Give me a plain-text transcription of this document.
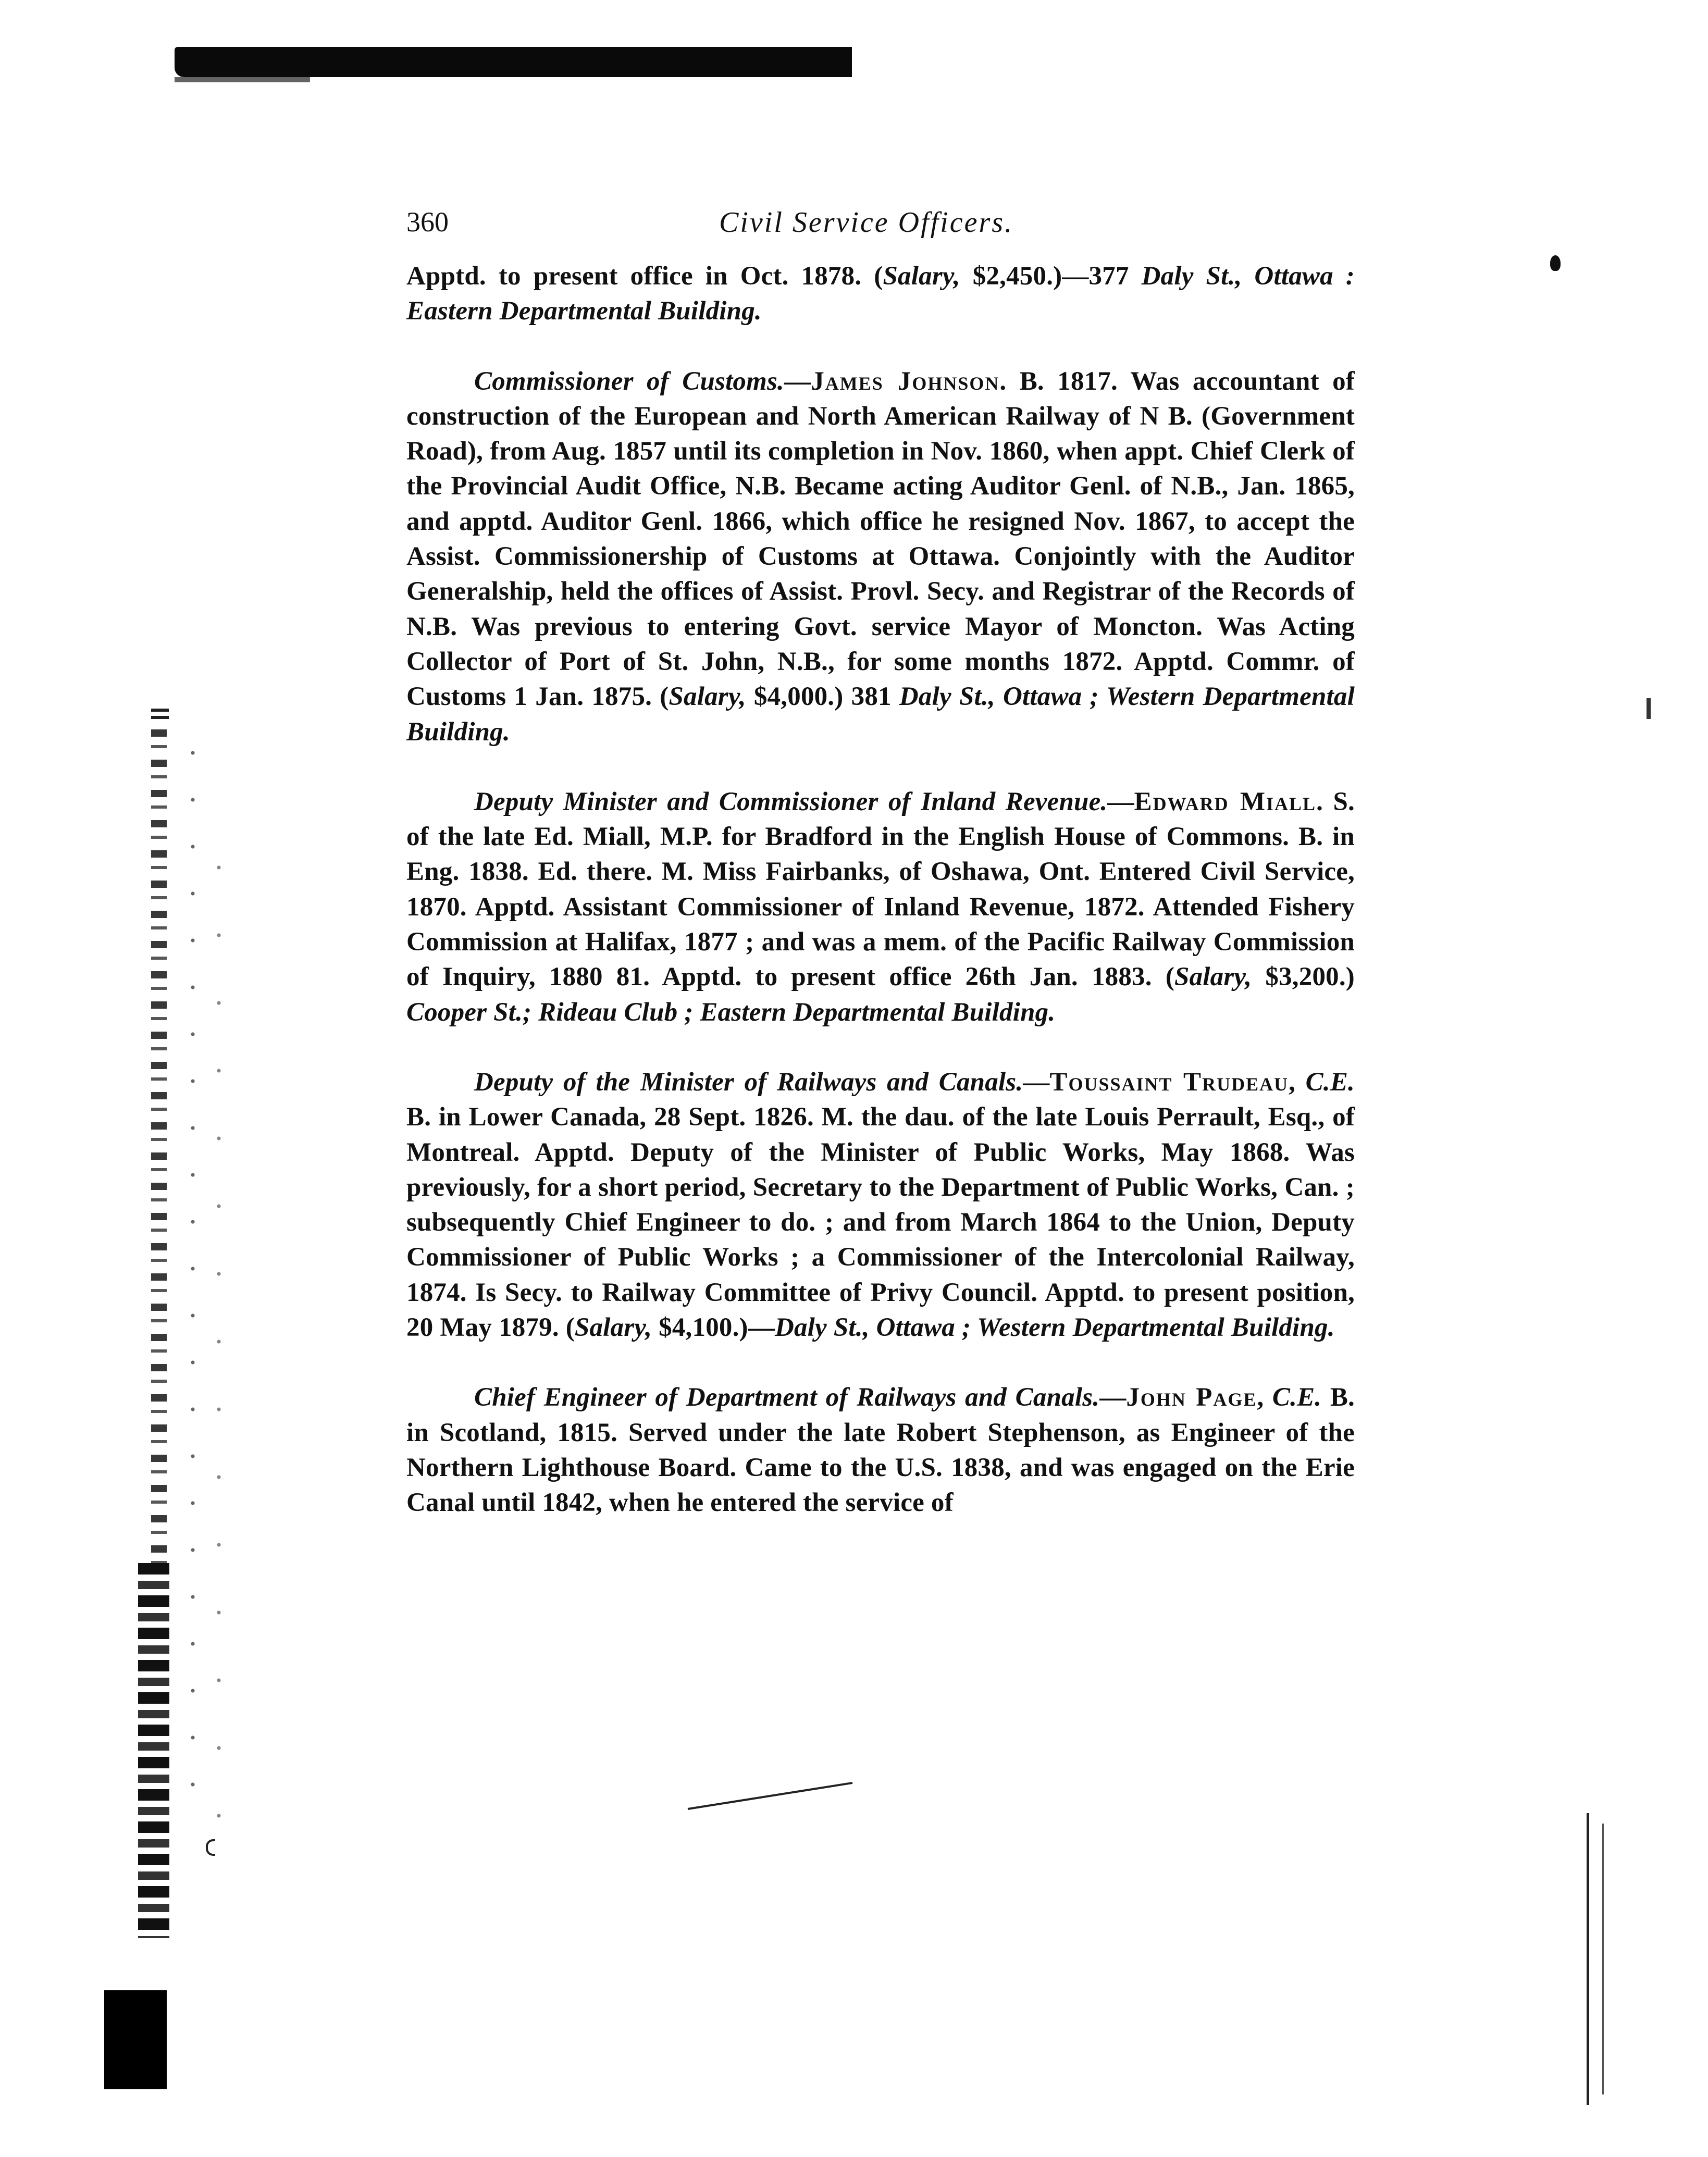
360	Civil Service Officers.

Apptd. to present office in Oct. 1878. (Salary, $2,450.)—377 Daly St., Ottawa : Eastern Departmental Building.

Commissioner of Customs.—James Johnson. B. 1817. Was accountant of construction of the European and North American Railway of N B. (Government Road), from Aug. 1857 until its completion in Nov. 1860, when appt. Chief Clerk of the Provincial Audit Office, N.B. Became acting Auditor Genl. of N.B., Jan. 1865, and apptd. Auditor Genl. 1866, which office he resigned Nov. 1867, to accept the Assist. Commissionership of Customs at Ottawa. Conjointly with the Auditor Generalship, held the offices of Assist. Provl. Secy. and Registrar of the Records of N.B. Was previous to entering Govt. service Mayor of Moncton. Was Acting Collector of Port of St. John, N.B., for some months 1872. Apptd. Commr. of Customs 1 Jan. 1875. (Salary, $4,000.) 381 Daly St., Ottawa ; Western Departmental Building.

Deputy Minister and Commissioner of Inland Revenue.—Edward Miall. S. of the late Ed. Miall, M.P. for Bradford in the English House of Commons. B. in Eng. 1838. Ed. there. M. Miss Fairbanks, of Oshawa, Ont. Entered Civil Service, 1870. Apptd. Assistant Commissioner of Inland Revenue, 1872. Attended Fishery Commission at Halifax, 1877 ; and was a mem. of the Pacific Railway Commission of Inquiry, 1880 81. Apptd. to present office 26th Jan. 1883. (Salary, $3,200.) Cooper St.; Rideau Club ; Eastern Departmental Building.

Deputy of the Minister of Railways and Canals.—Toussaint Trudeau, C.E. B. in Lower Canada, 28 Sept. 1826. M. the dau. of the late Louis Perrault, Esq., of Montreal. Apptd. Deputy of the Minister of Public Works, May 1868. Was previously, for a short period, Secretary to the Department of Public Works, Can. ; subsequently Chief Engineer to do. ; and from March 1864 to the Union, Deputy Commissioner of Public Works ; a Commissioner of the Intercolonial Railway, 1874. Is Secy. to Railway Committee of Privy Council. Apptd. to present position, 20 May 1879. (Salary, $4,100.)—Daly St., Ottawa ; Western Departmental Building.

Chief Engineer of Department of Railways and Canals.—John Page, C.E. B. in Scotland, 1815. Served under the late Robert Stephenson, as Engineer of the Northern Lighthouse Board. Came to the U.S. 1838, and was engaged on the Erie Canal until 1842, when he entered the service of
